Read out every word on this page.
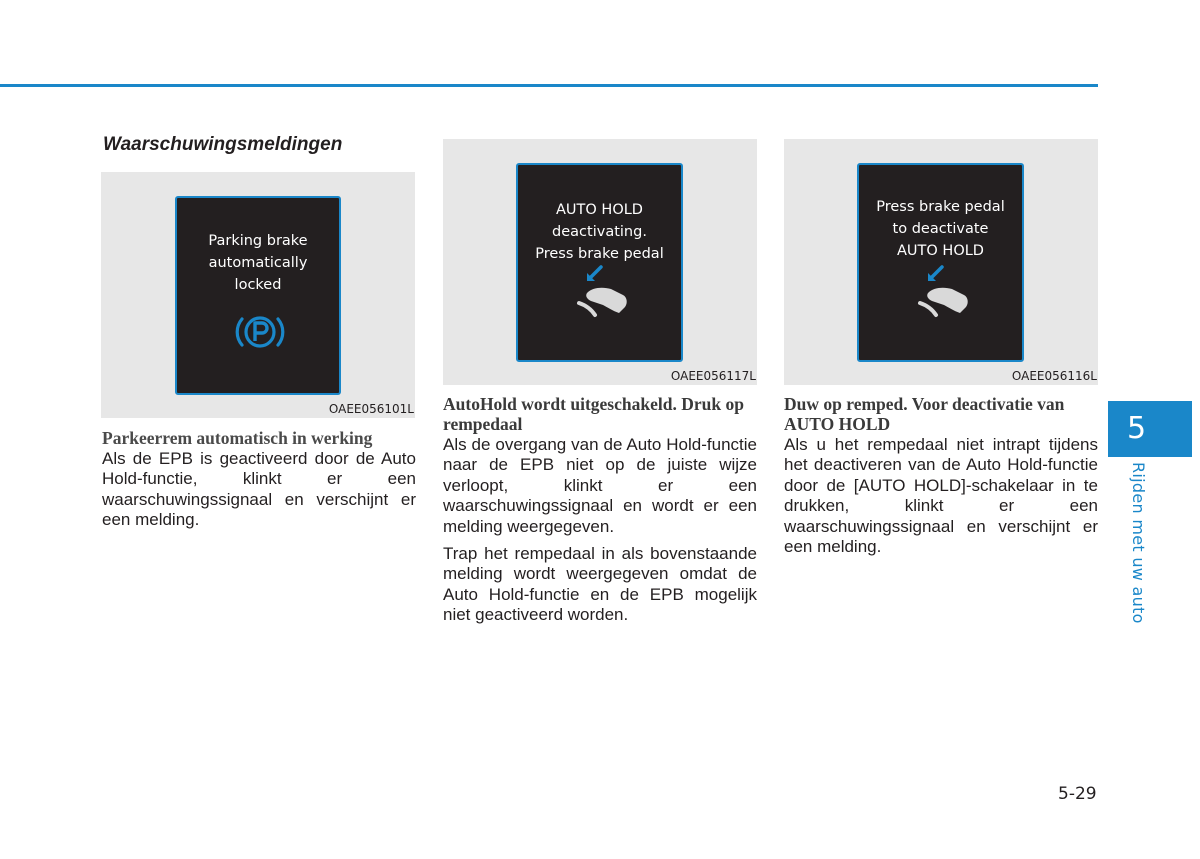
Waarschuwingsmeldingen
Parking brake
automatically
locked
OAEE056101L
AUTO HOLD
deactivating.
Press brake pedal
OAEE056117L
Press brake pedal
to deactivate
AUTO HOLD
OAEE056116L
Parkeerrem automatisch in werking

Als de EPB is geactiveerd door de Auto Hold-functie, klinkt er een waarschuwingssignaal en verschijnt er een melding.

AutoHold wordt uitgeschakeld. Druk op rempedaal

Als de overgang van de Auto Hold-functie naar de EPB niet op de juiste wijze verloopt, klinkt er een waarschuwingssignaal en wordt er een melding weergegeven.

Trap het rempedaal in als bovenstaande melding wordt weergegeven omdat de Auto Hold-functie en de EPB mogelijk niet geactiveerd worden.

Duw op remped. Voor deactivatie van AUTO HOLD

Als u het rempedaal niet intrapt tijdens het deactiveren van de Auto Hold-functie door de [AUTO HOLD]-schakelaar in te drukken, klinkt er een waarschuwingssignaal en verschijnt er een melding.

5
Rijden met uw auto
5-29
